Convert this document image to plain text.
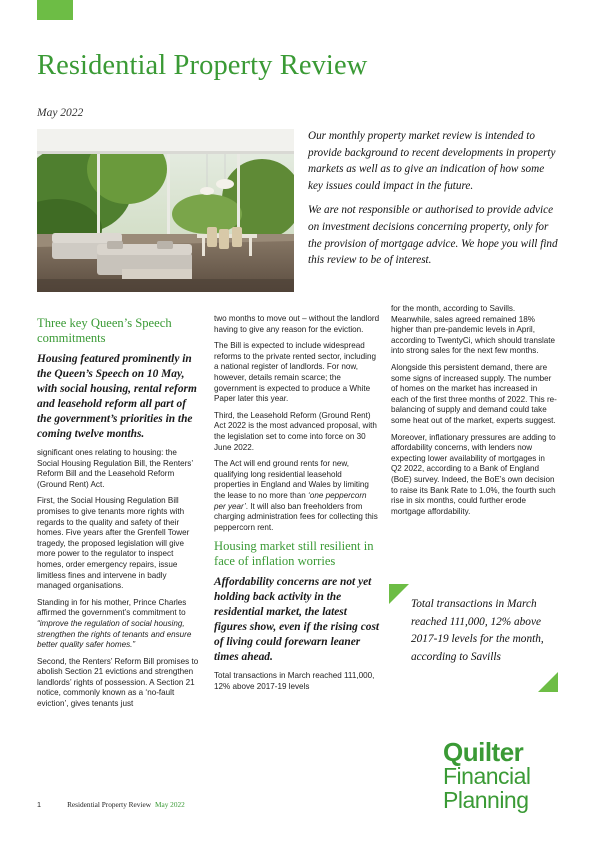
Residential Property Review
May 2022

Our monthly property market review is intended to provide background to recent developments in property markets as well as to give an indication of how some key issues could impact in the future.

We are not responsible or authorised to provide advice on investment decisions concerning property, only for the provision of mortgage advice. We hope you will find this review to be of interest.

Three key Queen’s Speech commitments
Housing featured prominently in the Queen’s Speech on 10 May, with social housing, rental reform and leasehold reform all part of the government’s priorities in the coming twelve months.

significant ones relating to housing: the Social Housing Regulation Bill, the Renters’ Reform Bill and the Leasehold Reform (Ground Rent) Act.

First, the Social Housing Regulation Bill promises to give tenants more rights with regards to the quality and safety of their homes. Five years after the Grenfell Tower tragedy, the proposed legislation will give more power to the regulator to inspect homes, order emergency repairs, issue limitless fines and intervene in badly managed organisations.

Standing in for his mother, Prince Charles affirmed the government’s commitment to “improve the regulation of social housing, strengthen the rights of tenants and ensure better quality safer homes.”

Second, the Renters’ Reform Bill promises to abolish Section 21 evictions and strengthen landlords’ rights of possession. A Section 21 notice, commonly known as a ‘no-fault eviction’, gives tenants just

two months to move out – without the landlord having to give any reason for the eviction.

The Bill is expected to include widespread reforms to the private rented sector, including a national register of landlords. For now, however, details remain scarce; the government is expected to produce a White Paper later this year.

Third, the Leasehold Reform (Ground Rent) Act 2022 is the most advanced proposal, with the legislation set to come into force on 30 June 2022.

The Act will end ground rents for new, qualifying long residential leasehold properties in England and Wales by limiting the lease to no more than ‘one peppercorn per year’. It will also ban freeholders from charging administration fees for collecting this peppercorn rent.

Housing market still resilient in face of inflation worries
Affordability concerns are not yet holding back activity in the residential market, the latest figures show, even if the rising cost of living could forewarn leaner times ahead.

Total transactions in March reached 111,000, 12% above 2017-19 levels

for the month, according to Savills. Meanwhile, sales agreed remained 18% higher than pre-pandemic levels in April, according to TwentyCi, which should translate into strong sales for the next few months.

Alongside this persistent demand, there are some signs of increased supply. The number of homes on the market has increased in each of the first three months of 2022. This re-balancing of supply and demand could take some heat out of the market, experts suggest.

Moreover, inflationary pressures are adding to affordability concerns, with lenders now expecting lower availability of mortgages in Q2 2022, according to a Bank of England (BoE) survey. Indeed, the BoE’s own decision to raise its Bank Rate to 1.0%, the fourth such rise in six months, could further erode mortgage affordability.

Total transactions in March reached 111,000, 12% above 2017-19 levels for the month, according to Savills
Quilter
Financial
Planning
1	Residential Property Review May 2022
